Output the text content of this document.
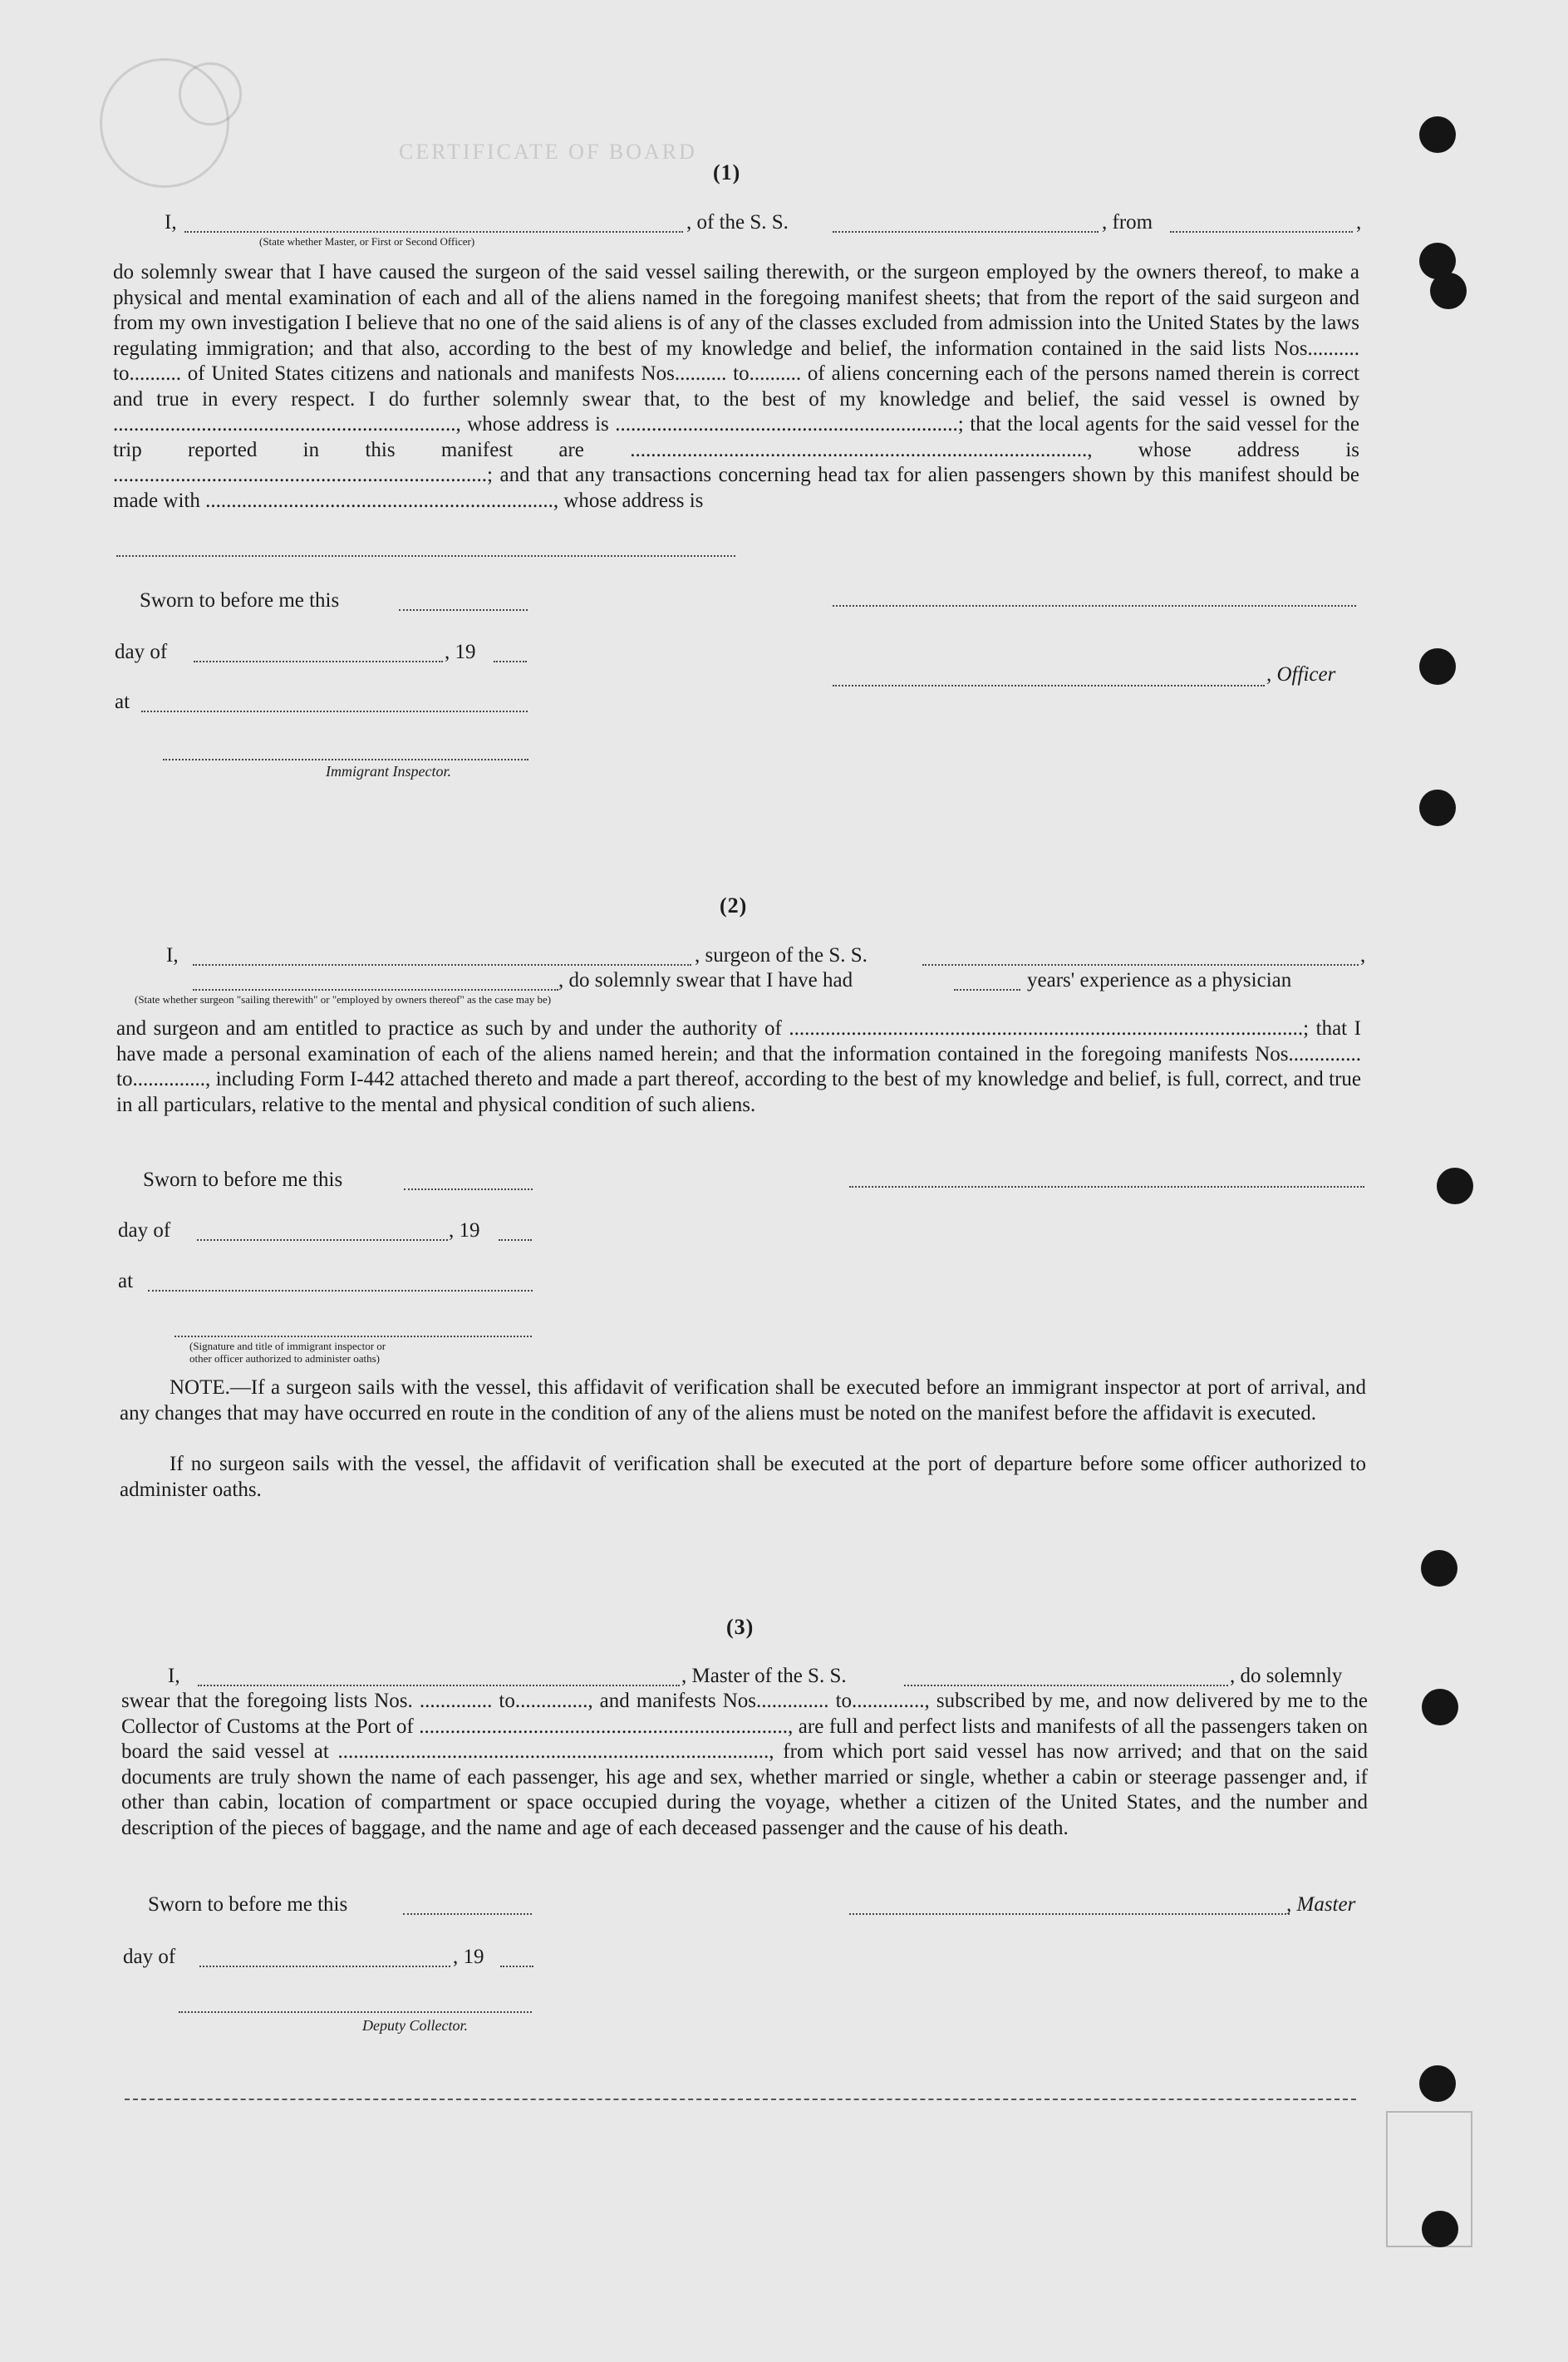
CERTIFICATE OF BOARD
(1)
I,	, of the S. S.	, from	,
(State whether Master, or First or Second Officer)
do solemnly swear that I have caused the surgeon of the said vessel sailing therewith, or the surgeon employed by the owners thereof, to make a physical and mental examination of each and all of the aliens named in the foregoing manifest sheets; that from the report of the said surgeon and from my own investigation I believe that no one of the said aliens is of any of the classes excluded from admission into the United States by the laws regulating immigration; and that also, according to the best of my knowledge and belief, the information contained in the said lists Nos.......... to.......... of United States citizens and nationals and manifests Nos.......... to.......... of aliens concerning each of the persons named therein is correct and true in every respect. I do further solemnly swear that, to the best of my knowledge and belief, the said vessel is owned by .................................................................., whose address is ..................................................................; that the local agents for the said vessel for the trip reported in this manifest are ........................................................................................, whose address is ........................................................................; and that any transactions concerning head tax for alien passengers shown by this manifest should be made with ..................................................................., whose address is
Sworn to before me this
day of	, 19
, Officer
at
Immigrant Inspector.
(2)
I,	, surgeon of the S. S.	,
, do solemnly swear that I have had	years' experience as a physician
(State whether surgeon "sailing therewith" or "employed by owners thereof" as the case may be)
and surgeon and am entitled to practice as such by and under the authority of ...................................................................................................; that I have made a personal examination of each of the aliens named herein; and that the information contained in the foregoing manifests Nos.............. to.............., including Form I-442 attached thereto and made a part thereof, according to the best of my knowledge and belief, is full, correct, and true in all particulars, relative to the mental and physical condition of such aliens.
Sworn to before me this
day of	, 19
at
(Signature and title of immigrant inspector or
other officer authorized to administer oaths)
NOTE.—If a surgeon sails with the vessel, this affidavit of verification shall be executed before an immigrant inspector at port of arrival, and any changes that may have occurred en route in the condition of any of the aliens must be noted on the manifest before the affidavit is executed.
If no surgeon sails with the vessel, the affidavit of verification shall be executed at the port of departure before some officer authorized to administer oaths.
(3)
I,	, Master of the S. S.	, do solemnly
swear that the foregoing lists Nos. .............. to.............., and manifests Nos.............. to.............., subscribed by me, and now delivered by me to the Collector of Customs at the Port of ......................................................................., are full and perfect lists and manifests of all the passengers taken on board the said vessel at ..................................................................................., from which port said vessel has now arrived; and that on the said documents are truly shown the name of each passenger, his age and sex, whether married or single, whether a cabin or steerage passenger and, if other than cabin, location of compartment or space occupied during the voyage, whether a citizen of the United States, and the number and description of the pieces of baggage, and the name and age of each deceased passenger and the cause of his death.
Sworn to before me this	, Master
day of	, 19
Deputy Collector.
